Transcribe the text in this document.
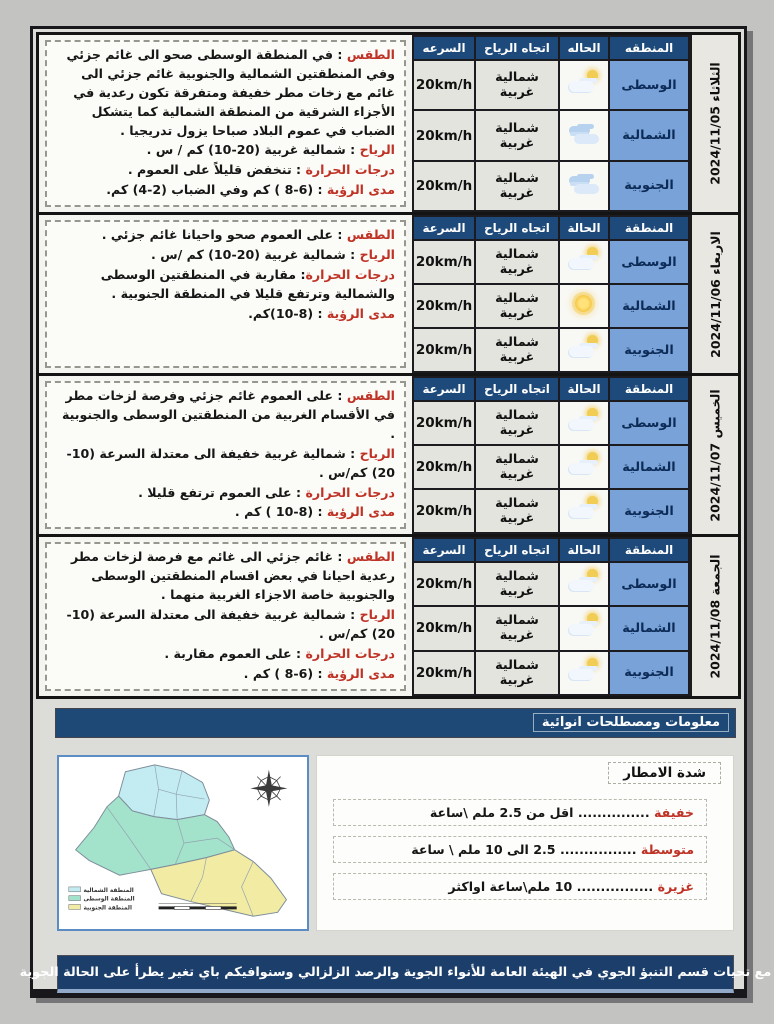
الطقس : في المنطقة الوسطى صحو الى غائم جزئي وفي المنطقتين الشمالية والجنوبية غائم جزئي الى غائم مع زخات مطر خفيفة ومتفرقة تكون رعدية في الأجزاء الشرقية من المنطقة الشمالية كما يتشكل الضباب في عموم البلاد صباحا يزول تدريجيا .

الرياح : شمالية غربية (20-10) كم / س .

درجات الحرارة : تنخفض قليلاً على العموم .

مدى الرؤية : (6-8 ) كم وفي الضباب (2-4) كم.

السرعه	اتجاه الرياح	الحاله	المنطقه
20km/h	شمالية غربية		الوسطى
20km/h	شمالية غربية		الشمالية
20km/h	شمالية غربية		الجنوبية
الثلاثاء 2024/11/05

الطقس : على العموم صحو واحيانا غائم جزئي .

الرياح : شمالية غربية (20-10) كم /س .

درجات الحرارة: مقاربة في المنطقتين الوسطى والشمالية وترتفع قليلا في المنطقة الجنوبية .

مدى الرؤية : (8-10)كم.

السرعة	اتجاه الرياح	الحالة	المنطقة
20km/h	شمالية غربية		الوسطى
20km/h	شمالية غربية		الشمالية
20km/h	شمالية غربية		الجنوبية	الاربعاء 2024/11/06

الطقس : على العموم غائم جزئي وفرصة لزخات مطر في الأقسام الغربية من المنطقتين الوسطى والجنوبية .

الرياح : شمالية غربية خفيفة الى معتدلة السرعة (10-20) كم/س .

درجات الحرارة : على العموم ترتفع قليلا .

مدى الرؤية : (8-10 ) كم .

السرعة	اتجاه الرياح	الحالة	المنطقة
20km/h	شمالية غربية		الوسطى
20km/h	شمالية غربية		الشمالية
20km/h	شمالية غربية		الجنوبية	الخميس 2024/11/07

الطقس : غائم جزئي الى غائم مع فرصة لزخات مطر رعدية احيانا في بعض اقسام المنطقتين الوسطى والجنوبية خاصة الاجزاء الغربية منهما .

الرياح : شمالية غربية خفيفة الى معتدلة السرعة (10-20) كم/س .

درجات الحرارة : على العموم مقاربة .

مدى الرؤية : (6-8 ) كم .

السرعة	اتجاه الرياح	الحالة	المنطقة
20km/h	شمالية غربية		الوسطى
20km/h	شمالية غربية		الشمالية
20km/h	شمالية غربية		الجنوبية	الجمعة 2024/11/08
معلومات ومصطلحات انوائية
المنطقة الشمالية
المنطقة الوسطى
المنطقة الجنوبية
شدة الامطار
خفيفة ............... اقل من 2.5 ملم \ساعة
متوسطة ................ 2.5 الى 10 ملم \ ساعة
غزيرة ................ 10 ملم\ساعة اواكثر
مع تحيات قسم التنبؤ الجوي في الهيئة العامة للأنواء الجوية والرصد الزلزالي وسنوافيكم باي تغير يطرأ على الحالة الجوية
